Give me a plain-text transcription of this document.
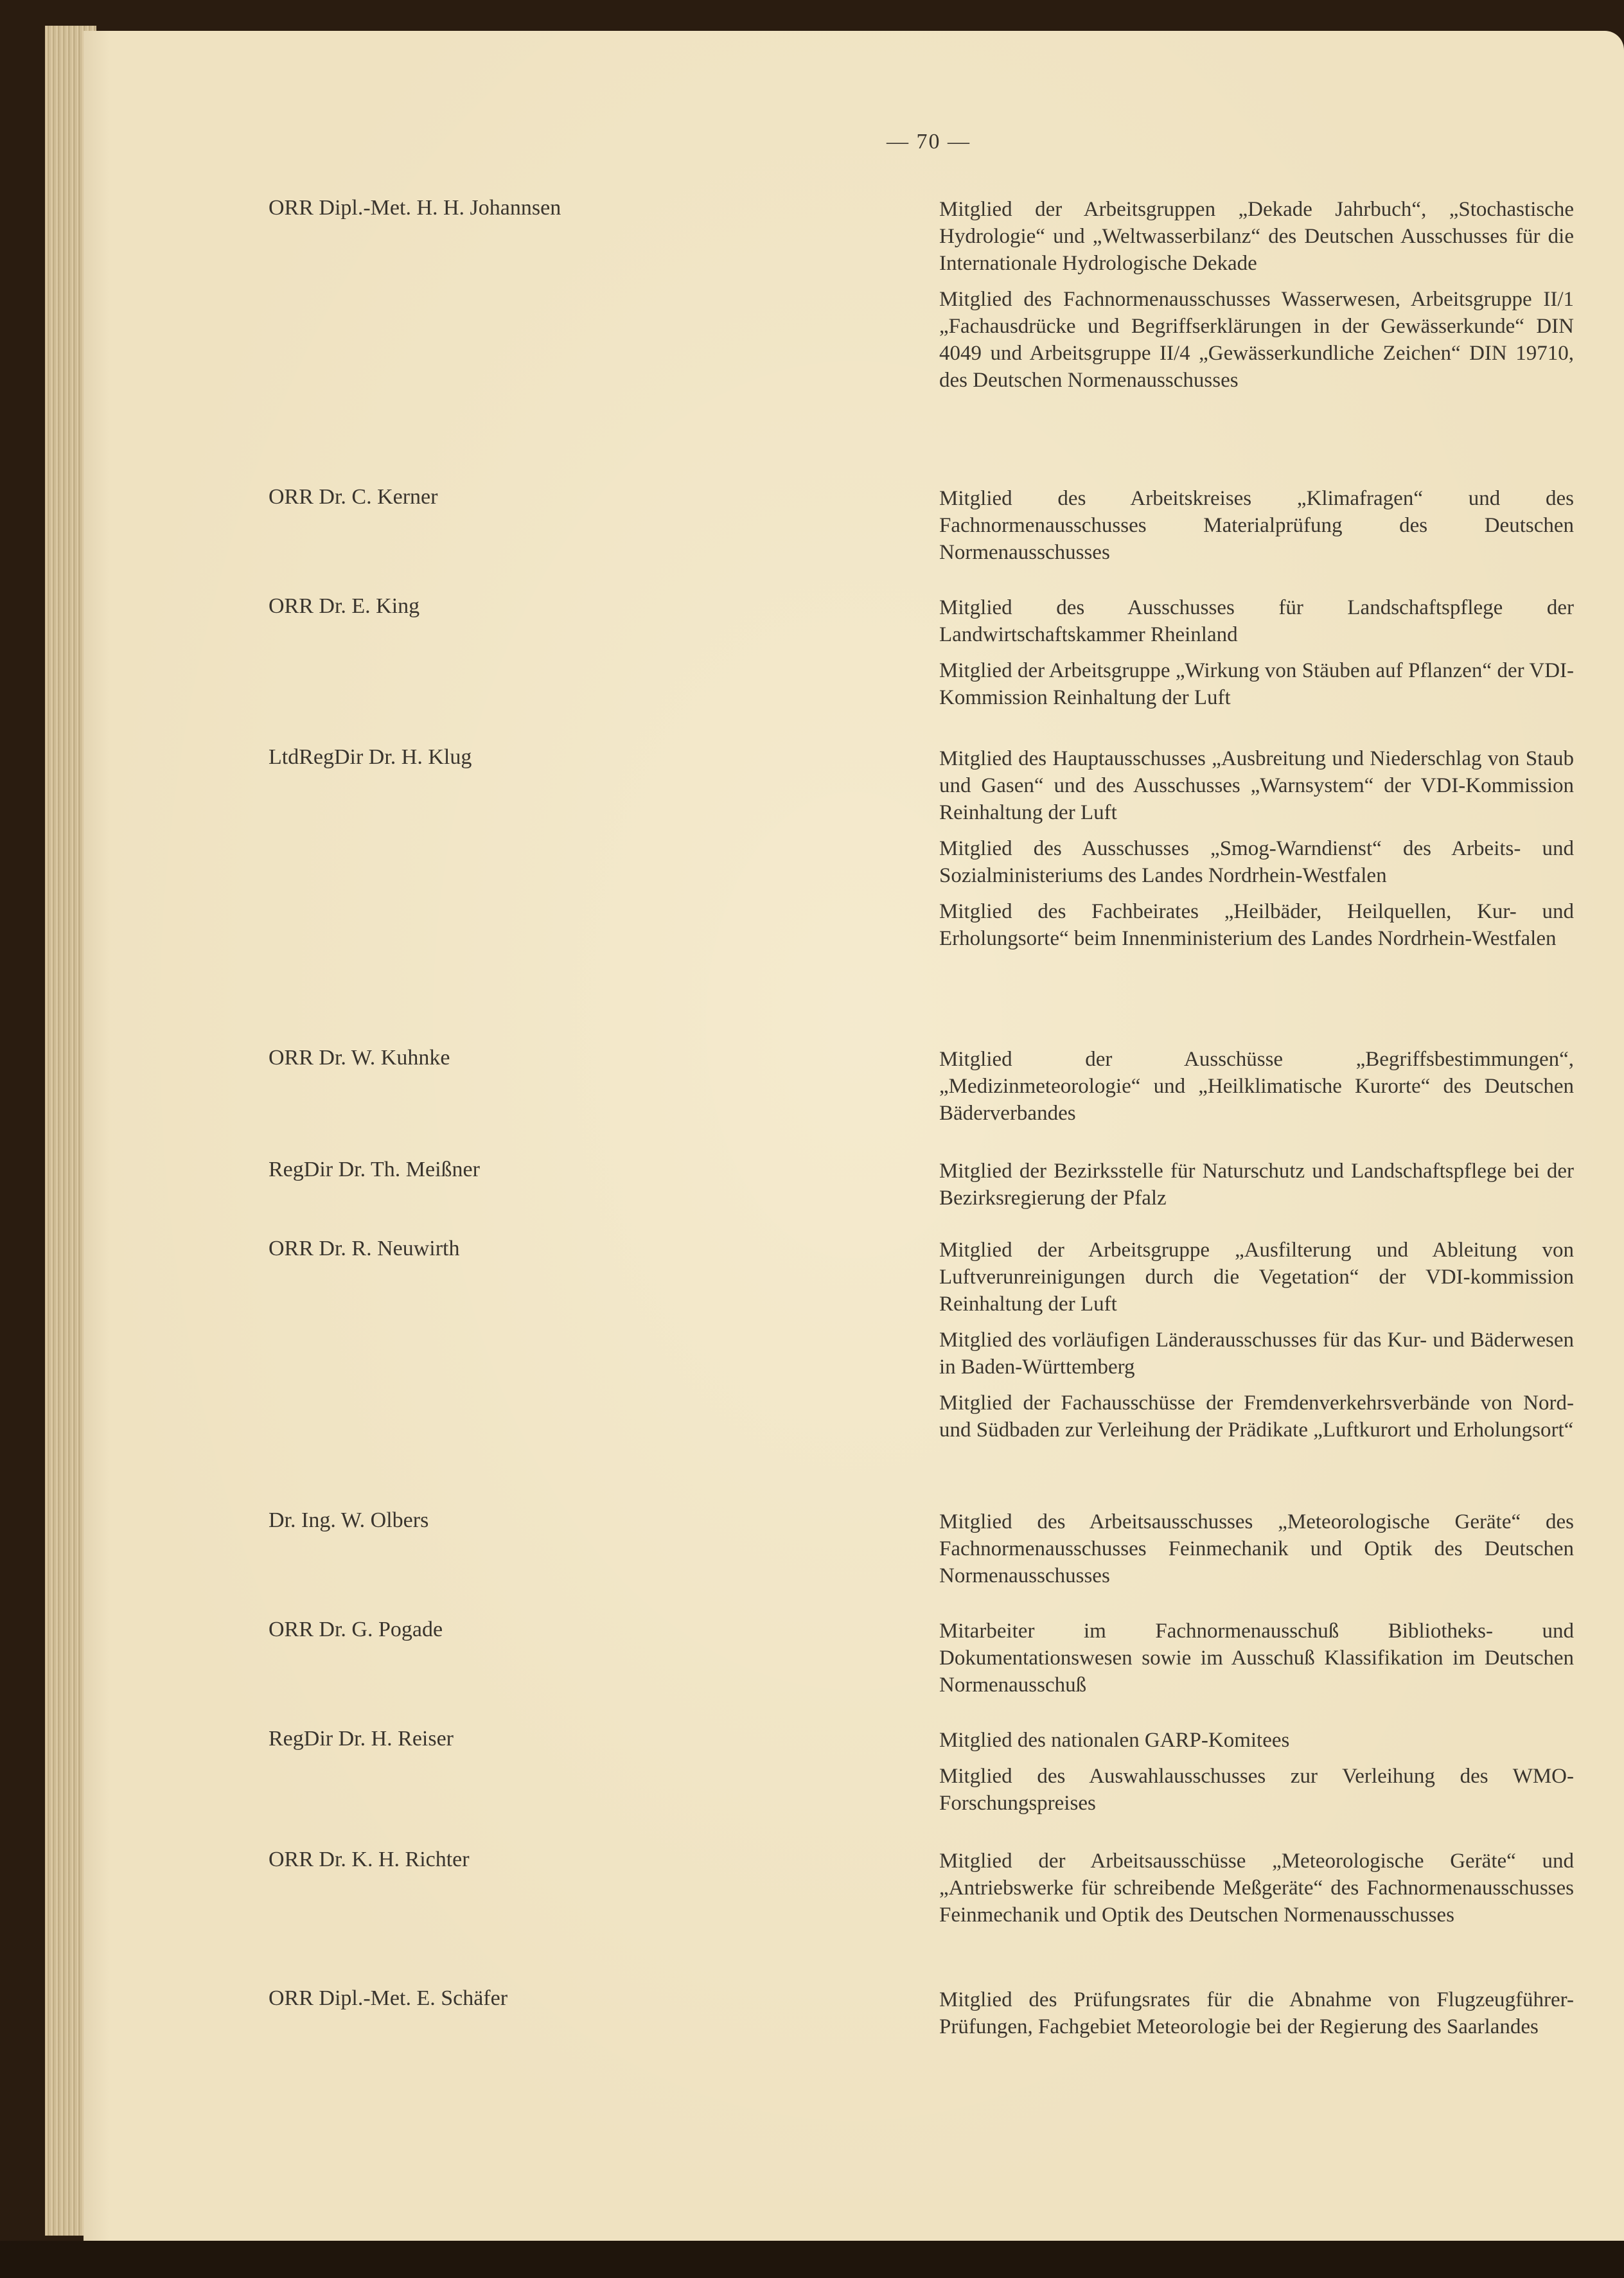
— 70 —
ORR Dipl.-Met. H. H. Johannsen	Mitglied der Arbeitsgruppen „Dekade Jahrbuch“, „Stochastische Hydrologie“ und „Weltwasserbilanz“ des Deutschen Ausschusses für die Internationale Hydrologische Dekade

Mitglied des Fachnormenausschusses Wasserwesen, Arbeitsgruppe II/1 „Fachausdrücke und Begriffserklärungen in der Gewässerkunde“ DIN 4049 und Arbeitsgruppe II/4 „Gewässerkundliche Zeichen“ DIN 19710, des Deutschen Normenausschusses

ORR Dr. C. Kerner	Mitglied des Arbeitskreises „Klimafragen“ und des Fachnormenausschusses Materialprüfung des Deutschen Normenausschusses

ORR Dr. E. King	Mitglied des Ausschusses für Landschaftspflege der Landwirtschaftskammer Rheinland

Mitglied der Arbeitsgruppe „Wirkung von Stäuben auf Pflanzen“ der VDI-Kommission Reinhaltung der Luft

LtdRegDir Dr. H. Klug	Mitglied des Hauptausschusses „Ausbreitung und Niederschlag von Staub und Gasen“ und des Ausschusses „Warnsystem“ der VDI-Kommission Reinhaltung der Luft

Mitglied des Ausschusses „Smog-Warndienst“ des Arbeits- und Sozialministeriums des Landes Nordrhein-Westfalen

Mitglied des Fachbeirates „Heilbäder, Heilquellen, Kur- und Erholungsorte“ beim Innenministerium des Landes Nordrhein-Westfalen

ORR Dr. W. Kuhnke	Mitglied der Ausschüsse „Begriffsbestimmungen“, „Medizinmeteorologie“ und „Heilklimatische Kurorte“ des Deutschen Bäderverbandes

RegDir Dr. Th. Meißner	Mitglied der Bezirksstelle für Naturschutz und Landschaftspflege bei der Bezirksregierung der Pfalz

ORR Dr. R. Neuwirth	Mitglied der Arbeitsgruppe „Ausfilterung und Ableitung von Luftverunreinigungen durch die Vegetation“ der VDI-kommission Reinhaltung der Luft

Mitglied des vorläufigen Länderausschusses für das Kur- und Bäderwesen in Baden-Württemberg

Mitglied der Fachausschüsse der Fremdenverkehrsverbände von Nord- und Südbaden zur Verleihung der Prädikate „Luftkurort und Erholungsort“

Dr. Ing. W. Olbers	Mitglied des Arbeitsausschusses „Meteorologische Geräte“ des Fachnormenausschusses Feinmechanik und Optik des Deutschen Normenausschusses

ORR Dr. G. Pogade	Mitarbeiter im Fachnormenausschuß Bibliotheks- und Dokumentationswesen sowie im Ausschuß Klassifikation im Deutschen Normenausschuß

RegDir Dr. H. Reiser	Mitglied des nationalen GARP-Komitees

Mitglied des Auswahlausschusses zur Verleihung des WMO-Forschungspreises

ORR Dr. K. H. Richter	Mitglied der Arbeitsausschüsse „Meteorologische Geräte“ und „Antriebswerke für schreibende Meßgeräte“ des Fachnormenausschusses Feinmechanik und Optik des Deutschen Normenausschusses

ORR Dipl.-Met. E. Schäfer	Mitglied des Prüfungsrates für die Abnahme von Flugzeugführer-Prüfungen, Fachgebiet Meteorologie bei der Regierung des Saarlandes
